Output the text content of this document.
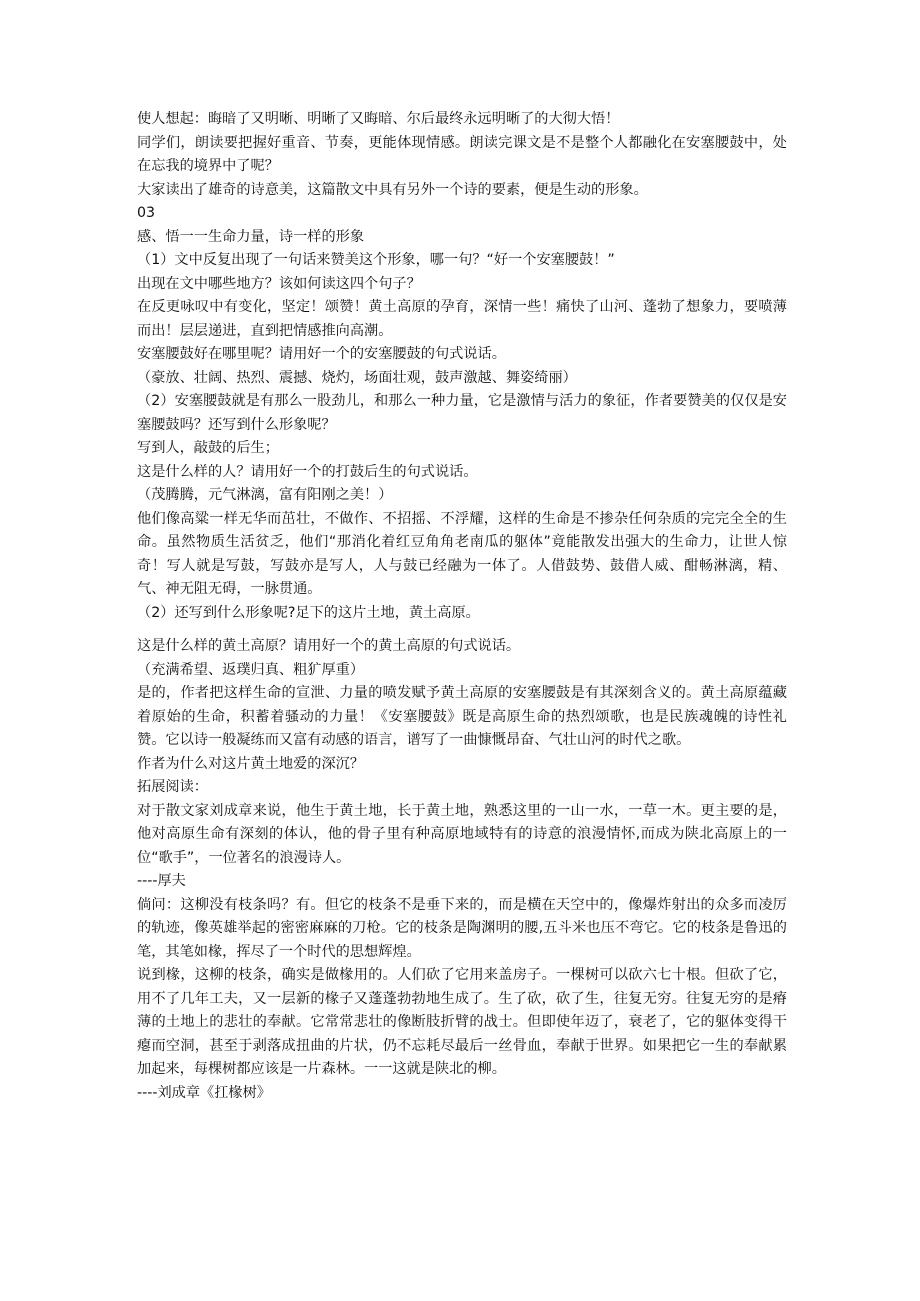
使人想起：晦暗了又明晰、明晰了又晦暗、尔后最终永远明晰了的大彻大悟！

同学们，朗读要把握好重音、节奏，更能体现情感。朗读完课文是不是整个人都融化在安塞腰鼓中，处在忘我的境界中了呢？

大家读出了雄奇的诗意美，这篇散文中具有另外一个诗的要素，便是生动的形象。

03

感、悟一一生命力量，诗一样的形象

（1）文中反复出现了一句话来赞美这个形象，哪一句？“好一个安塞腰鼓！”

出现在文中哪些地方？该如何读这四个句子？

在反更咏叹中有变化，坚定！颂赞！黄土高原的孕育，深情一些！痛快了山河、蓬勃了想象力，要喷薄而出！层层递进，直到把情感推向高潮。

安塞腰鼓好在哪里呢？请用好一个的安塞腰鼓的句式说话。

（豪放、壮阔、热烈、震撼、烧灼，场面壮观，鼓声激越、舞姿绮丽）

（2）安塞腰鼓就是有那么一股劲儿，和那么一种力量，它是激情与活力的象征，作者要赞美的仅仅是安塞腰鼓吗？还写到什么形象呢？

写到人，敲鼓的后生；

这是什么样的人？请用好一个的打鼓后生的句式说话。

（茂腾腾，元气淋漓，富有阳刚之美！）

他们像高粱一样无华而茁壮，不做作、不招摇、不浮耀，这样的生命是不掺杂任何杂质的完完全全的生命。虽然物质生活贫乏，他们“那消化着红豆角角老南瓜的躯体”竟能散发出强大的生命力，让世人惊奇！写人就是写鼓，写鼓亦是写人，人与鼓已经融为一体了。人借鼓势、鼓借人威、酣畅淋漓，精、气、神无阻无碍，一脉贯通。

（2）还写到什么形象呢?足下的这片土地，黄土高原。

这是什么样的黄土高原？请用好一个的黄土高原的句式说话。

（充满希望、返璞归真、粗犷厚重）

是的，作者把这样生命的宣泄、力量的喷发赋予黄土高原的安塞腰鼓是有其深刻含义的。黄土高原蕴藏着原始的生命，积蓄着骚动的力量！《安塞腰鼓》既是高原生命的热烈颂歌，也是民族魂魄的诗性礼赞。它以诗一般凝练而又富有动感的语言，谱写了一曲慷慨昂奋、气壮山河的时代之歌。

作者为什么对这片黄土地爱的深沉？

拓展阅读：

对于散文家刘成章来说，他生于黄土地，长于黄土地，熟悉这里的一山一水，一草一木。更主要的是，他对高原生命有深刻的体认，他的骨子里有种高原地域特有的诗意的浪漫情怀,而成为陕北高原上的一位“歌手”，一位著名的浪漫诗人。

----厚夫

倘问：这柳没有枝条吗？有。但它的枝条不是垂下来的，而是横在天空中的，像爆炸射出的众多而凌厉的轨迹，像英雄举起的密密麻麻的刀枪。它的枝条是陶渊明的腰,五斗米也压不弯它。它的枝条是鲁迅的笔，其笔如椽，挥尽了一个时代的思想辉煌。

说到椽，这柳的枝条，确实是做椽用的。人们砍了它用来盖房子。一棵树可以砍六七十根。但砍了它，用不了几年工夫，又一层新的椽子又蓬蓬勃勃地生成了。生了砍，砍了生，往复无穷。往复无穷的是瘠薄的土地上的悲壮的奉献。它常常悲壮的像断肢折臂的战士。但即使年迈了，衰老了，它的躯体变得干瘪而空洞，甚至于剥落成扭曲的片状，仍不忘耗尽最后一丝骨血，奉献于世界。如果把它一生的奉献累加起来，每棵树都应该是一片森林。一一这就是陕北的柳。

----刘成章《扛椽树》
